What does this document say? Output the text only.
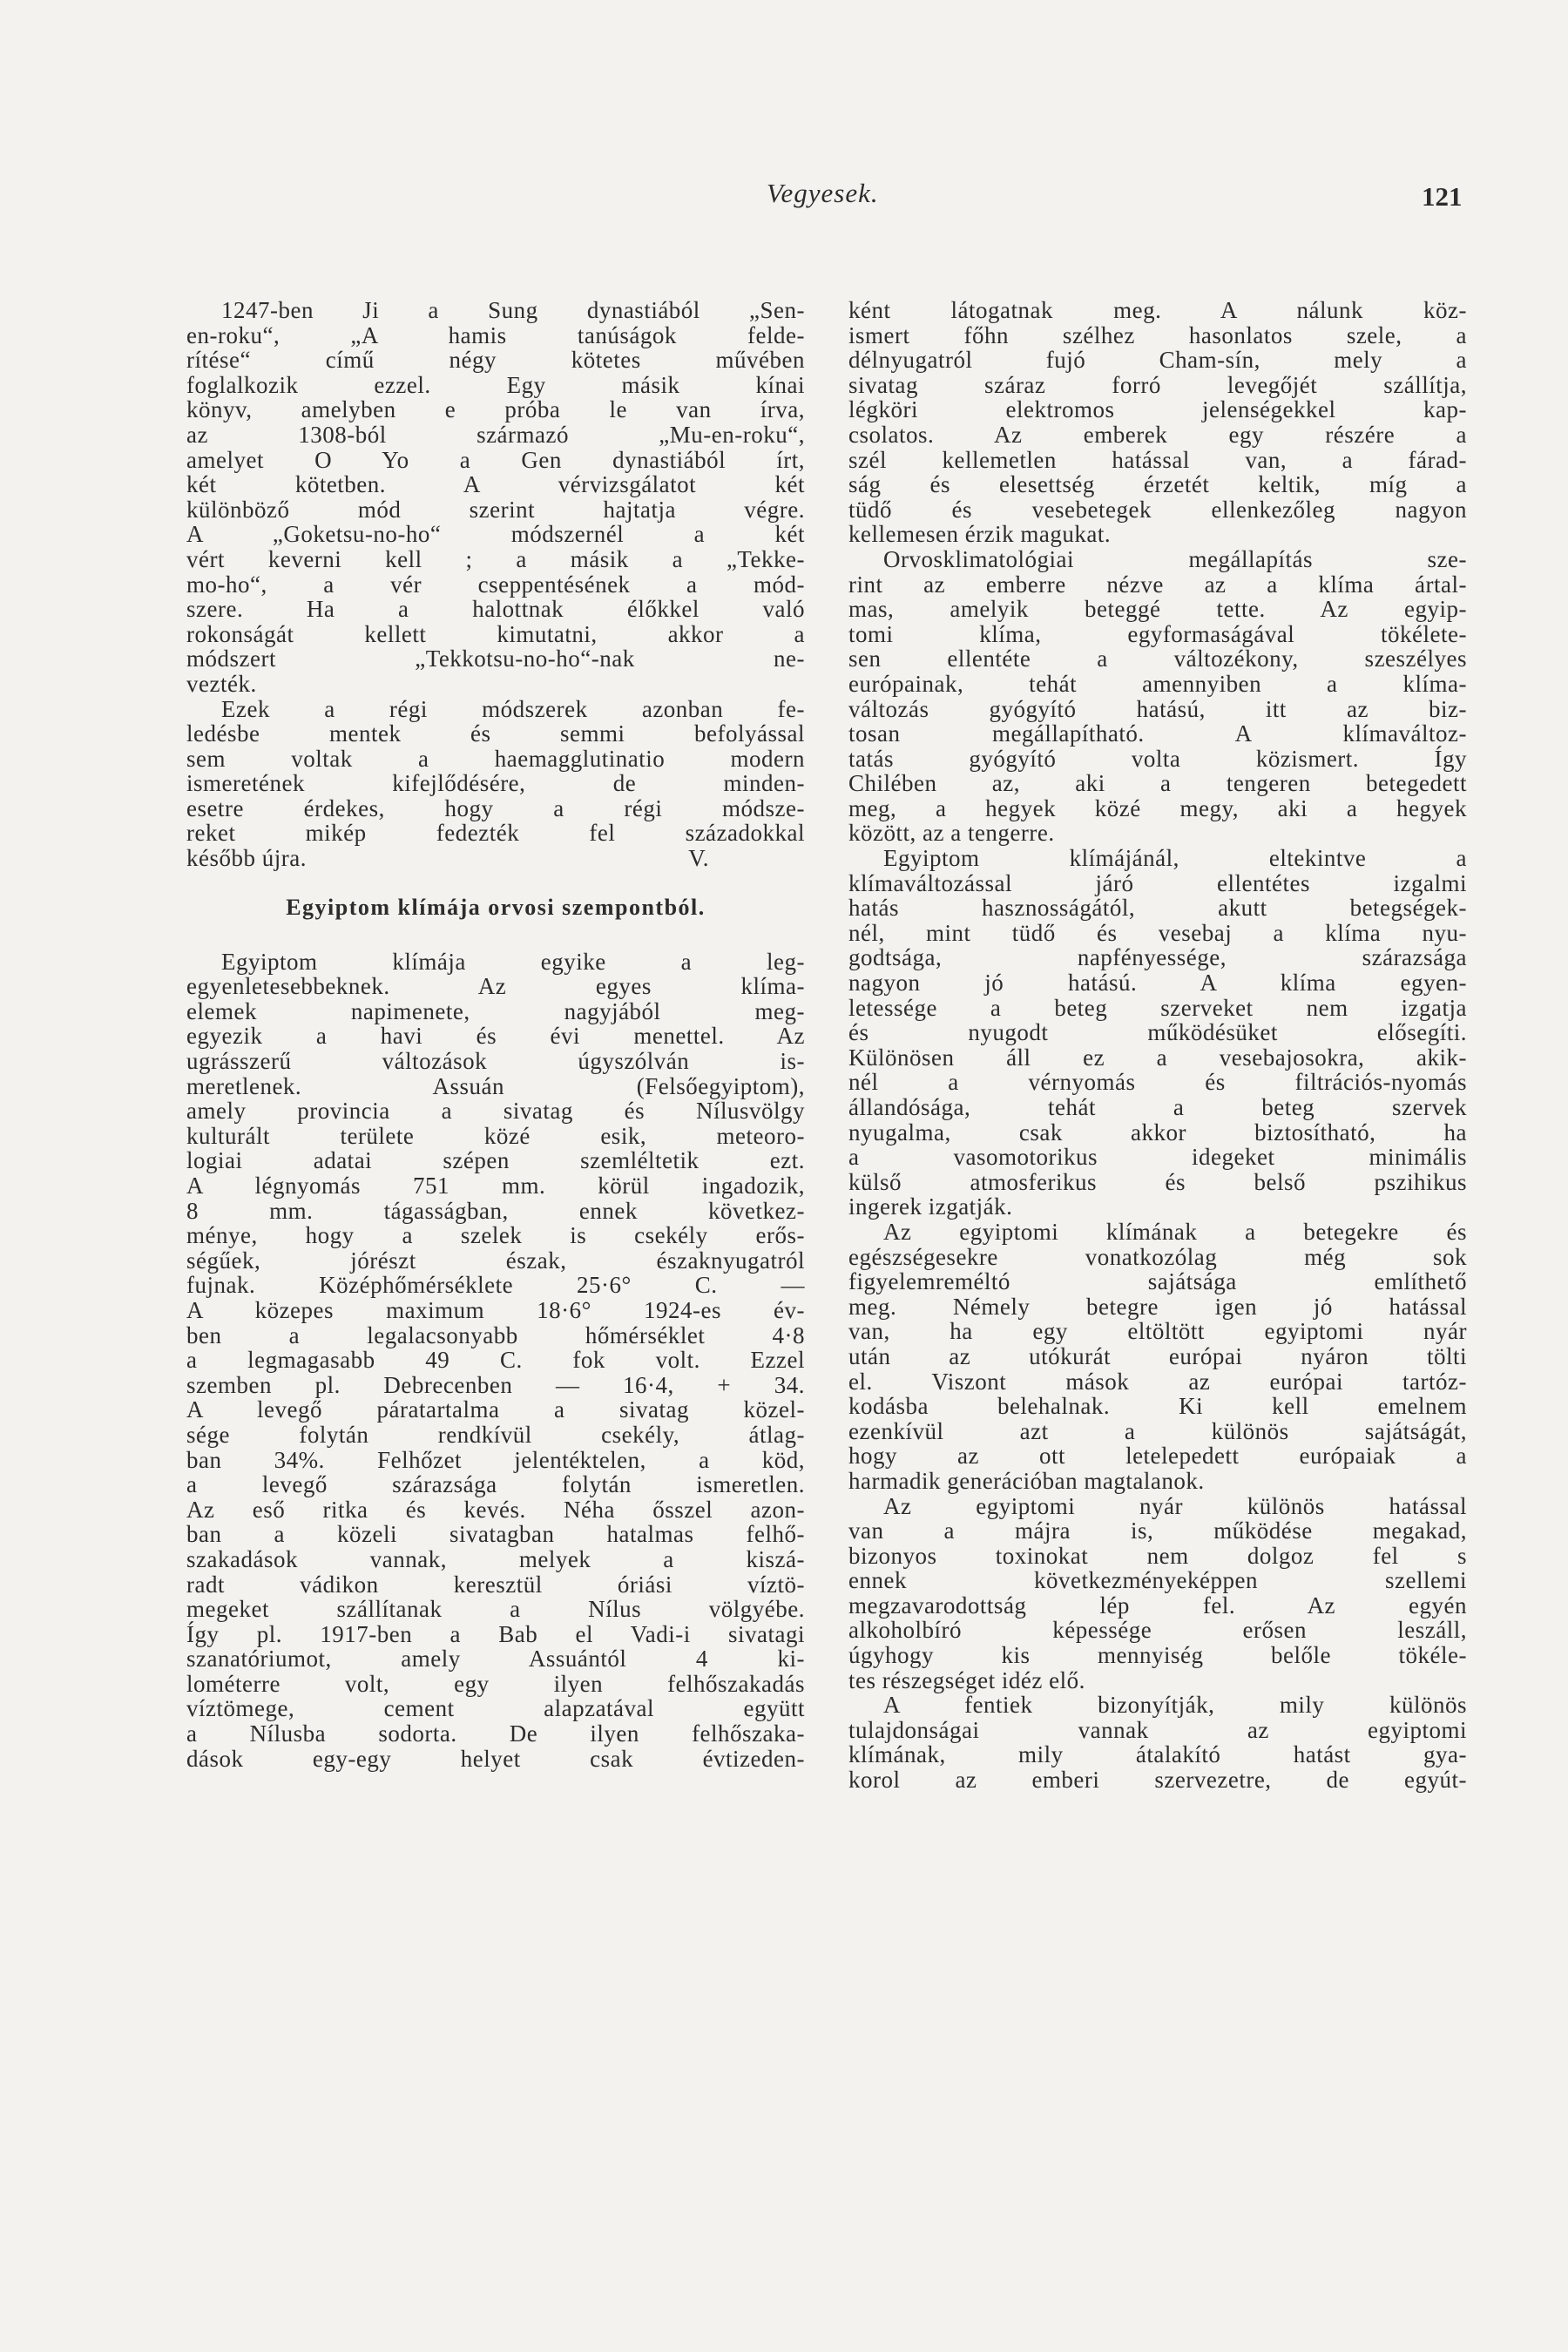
Vegyesek.	121
1247-ben Ji a Sung dynastiából „Sen-
en-roku“, „A hamis tanúságok felde-
rítése“ című négy kötetes művében
foglalkozik ezzel. Egy másik kínai
könyv, amelyben e próba le van írva,
az 1308-ból származó „Mu-en-roku“,
amelyet O Yo a Gen dynastiából írt,
két kötetben. A vérvizsgálatot két
különböző mód szerint hajtatja végre.
A „Goketsu-no-ho“ módszernél a két
vért keverni kell ; a másik a „Tekke-
mo-ho“, a vér cseppentésének a mód-
szere. Ha a halottnak élőkkel való
rokonságát kellett kimutatni, akkor a
módszert „Tekkotsu-no-ho“-nak ne-
vezték.
Ezek a régi módszerek azonban fe-
ledésbe mentek és semmi befolyással
sem voltak a haemagglutinatio modern
ismeretének kifejlődésére, de minden-
esetre érdekes, hogy a régi módsze-
reket mikép fedezték fel századokkal
később újra.	V.
Egyiptom klímája orvosi szempontból.
Egyiptom klímája egyike a leg-
egyenletesebbeknek. Az egyes klíma-
elemek napimenete, nagyjából meg-
egyezik a havi és évi menettel. Az
ugrásszerű változások úgyszólván is-
meretlenek. Assuán (Felsőegyiptom),
amely provincia a sivatag és Nílusvölgy
kulturált területe közé esik, meteoro-
logiai adatai szépen szemléltetik ezt.
A légnyomás 751 mm. körül ingadozik,
8 mm. tágasságban, ennek következ-
ménye, hogy a szelek is csekély erős-
ségűek, jórészt észak, északnyugatról
fujnak. Középhőmérséklete 25·6° C. —
A közepes maximum 18·6° 1924-es év-
ben a legalacsonyabb hőmérséklet 4·8
a legmagasabb 49 C. fok volt. Ezzel
szemben pl. Debrecenben — 16·4, + 34.
A levegő páratartalma a sivatag közel-
sége folytán rendkívül csekély, átlag-
ban 34%. Felhőzet jelentéktelen, a köd,
a levegő szárazsága folytán ismeretlen.
Az eső ritka és kevés. Néha ősszel azon-
ban a közeli sivatagban hatalmas felhő-
szakadások vannak, melyek a kiszá-
radt vádikon keresztül óriási víztö-
megeket szállítanak a Nílus völgyébe.
Így pl. 1917-ben a Bab el Vadi-i sivatagi
szanatóriumot, amely Assuántól 4 ki-
lométerre volt, egy ilyen felhőszakadás
víztömege, cement alapzatával együtt
a Nílusba sodorta. De ilyen felhőszaka-
dások egy-egy helyet csak évtizeden-
ként látogatnak meg. A nálunk köz-
ismert főhn szélhez hasonlatos szele, a
délnyugatról fujó Cham-sín, mely a
sivatag száraz forró levegőjét szállítja,
légköri elektromos jelenségekkel kap-
csolatos. Az emberek egy részére a
szél kellemetlen hatással van, a fárad-
ság és elesettség érzetét keltik, míg a
tüdő és vesebetegek ellenkezőleg nagyon
kellemesen érzik magukat.
Orvosklimatológiai megállapítás sze-
rint az emberre nézve az a klíma ártal-
mas, amelyik beteggé tette. Az egyip-
tomi klíma, egyformaságával tökélete-
sen ellentéte a változékony, szeszélyes
európainak, tehát amennyiben a klíma-
változás gyógyító hatású, itt az biz-
tosan megállapítható. A klímaváltoz-
tatás gyógyító volta közismert. Így
Chilében az, aki a tengeren betegedett
meg, a hegyek közé megy, aki a hegyek
között, az a tengerre.
Egyiptom klímájánál, eltekintve a
klímaváltozással járó ellentétes izgalmi
hatás hasznosságától, akutt betegségek-
nél, mint tüdő és vesebaj a klíma nyu-
godtsága, napfényessége, szárazsága
nagyon jó hatású. A klíma egyen-
letessége a beteg szerveket nem izgatja
és nyugodt működésüket elősegíti.
Különösen áll ez a vesebajosokra, akik-
nél a vérnyomás és filtrációs-nyomás
állandósága, tehát a beteg szervek
nyugalma, csak akkor biztosítható, ha
a vasomotorikus idegeket minimális
külső atmosferikus és belső pszihikus
ingerek izgatják.
Az egyiptomi klímának a betegekre és
egészségesekre vonatkozólag még sok
figyelemreméltó sajátsága említhető
meg. Némely betegre igen jó hatással
van, ha egy eltöltött egyiptomi nyár
után az utókurát európai nyáron tölti
el. Viszont mások az európai tartóz-
kodásba belehalnak. Ki kell emelnem
ezenkívül azt a különös sajátságát,
hogy az ott letelepedett európaiak a
harmadik generációban magtalanok.
Az egyiptomi nyár különös hatással
van a májra is, működése megakad,
bizonyos toxinokat nem dolgoz fel s
ennek következményeképpen szellemi
megzavarodottság lép fel. Az egyén
alkoholbíró képessége erősen leszáll,
úgyhogy kis mennyiség belőle tökéle-
tes részegséget idéz elő.
A fentiek bizonyítják, mily különös
tulajdonságai vannak az egyiptomi
klímának, mily átalakító hatást gya-
korol az emberi szervezetre, de egyút-
